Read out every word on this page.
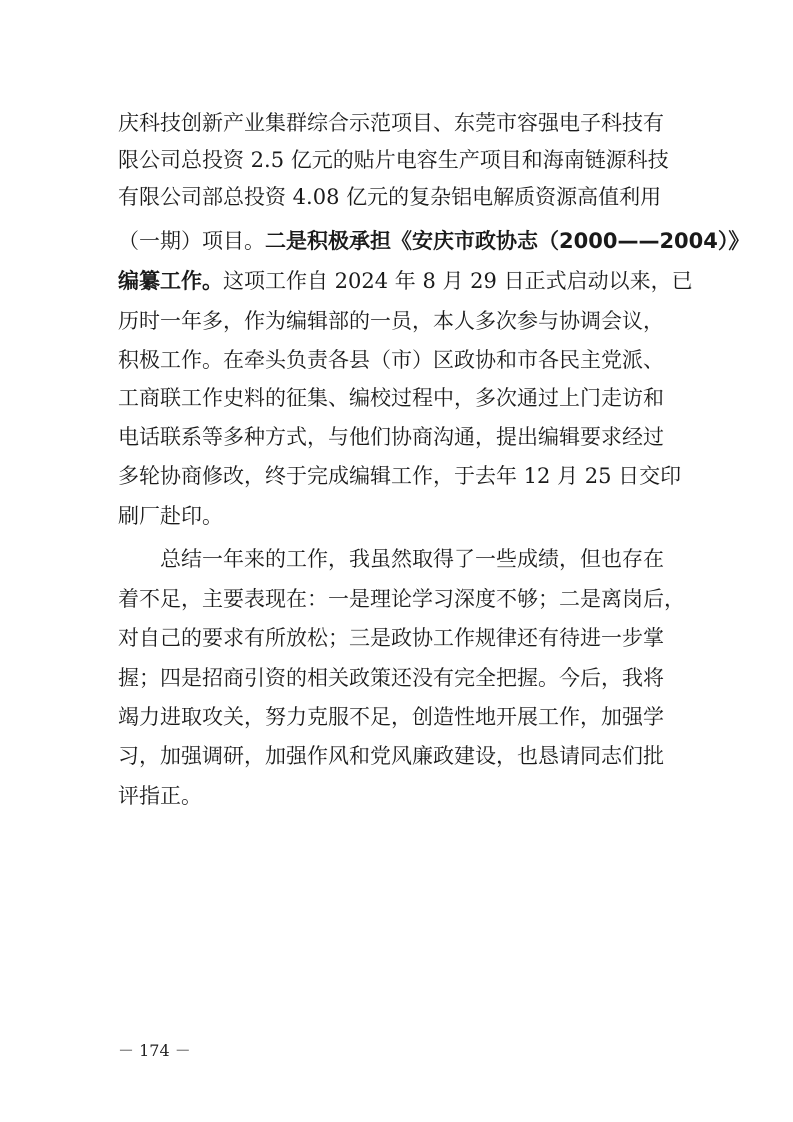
庆科技创新产业集群综合示范项目、东莞市容强电子科技有
限公司总投资 2.5 亿元的贴片电容生产项目和海南链源科技
有限公司部总投资 4.08 亿元的复杂铝电解质资源高值利用
（一期）项目。二是积极承担《安庆市政协志（2000——2004）》
编纂工作。这项工作自 2024 年 8 月 29 日正式启动以来，已
历时一年多，作为编辑部的一员，本人多次参与协调会议，
积极工作。在牵头负责各县（市）区政协和市各民主党派、
工商联工作史料的征集、编校过程中，多次通过上门走访和
电话联系等多种方式，与他们协商沟通，提出编辑要求经过
多轮协商修改，终于完成编辑工作，于去年 12 月 25 日交印
刷厂赴印。
总结一年来的工作，我虽然取得了一些成绩，但也存在
着不足，主要表现在：一是理论学习深度不够；二是离岗后，
对自己的要求有所放松；三是政协工作规律还有待进一步掌
握；四是招商引资的相关政策还没有完全把握。今后，我将
竭力进取攻关，努力克服不足，创造性地开展工作，加强学
习，加强调研，加强作风和党风廉政建设，也恳请同志们批
评指正。
－ 174 －
